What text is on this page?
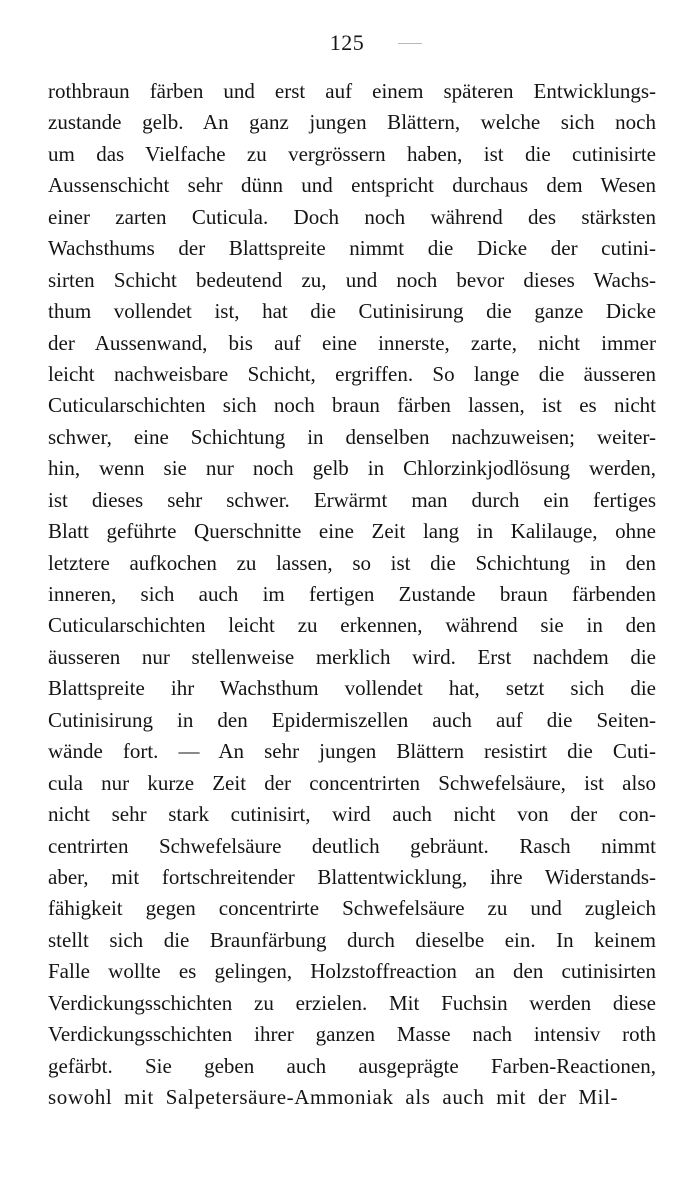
125
rothbraun färben und erst auf einem späteren Entwicklungs-
zustande gelb. An ganz jungen Blättern, welche sich noch
um das Vielfache zu vergrössern haben, ist die cutinisirte
Aussenschicht sehr dünn und entspricht durchaus dem Wesen
einer zarten Cuticula. Doch noch während des stärksten
Wachsthums der Blattspreite nimmt die Dicke der cutini-
sirten Schicht bedeutend zu, und noch bevor dieses Wachs-
thum vollendet ist, hat die Cutinisirung die ganze Dicke
der Aussenwand, bis auf eine innerste, zarte, nicht immer
leicht nachweisbare Schicht, ergriffen. So lange die äusseren
Cuticularschichten sich noch braun färben lassen, ist es nicht
schwer, eine Schichtung in denselben nachzuweisen; weiter-
hin, wenn sie nur noch gelb in Chlorzinkjodlösung werden,
ist dieses sehr schwer. Erwärmt man durch ein fertiges
Blatt geführte Querschnitte eine Zeit lang in Kalilauge, ohne
letztere aufkochen zu lassen, so ist die Schichtung in den
inneren, sich auch im fertigen Zustande braun färbenden
Cuticularschichten leicht zu erkennen, während sie in den
äusseren nur stellenweise merklich wird. Erst nachdem die
Blattspreite ihr Wachsthum vollendet hat, setzt sich die
Cutinisirung in den Epidermiszellen auch auf die Seiten-
wände fort. — An sehr jungen Blättern resistirt die Cuti-
cula nur kurze Zeit der concentrirten Schwefelsäure, ist also
nicht sehr stark cutinisirt, wird auch nicht von der con-
centrirten Schwefelsäure deutlich gebräunt. Rasch nimmt
aber, mit fortschreitender Blattentwicklung, ihre Widerstands-
fähigkeit gegen concentrirte Schwefelsäure zu und zugleich
stellt sich die Braunfärbung durch dieselbe ein. In keinem
Falle wollte es gelingen, Holzstoffreaction an den cutinisirten
Verdickungsschichten zu erzielen. Mit Fuchsin werden diese
Verdickungsschichten ihrer ganzen Masse nach intensiv roth
gefärbt. Sie geben auch ausgeprägte Farben-Reactionen,
sowohl mit Salpetersäure-Ammoniak als auch mit der Mil-
